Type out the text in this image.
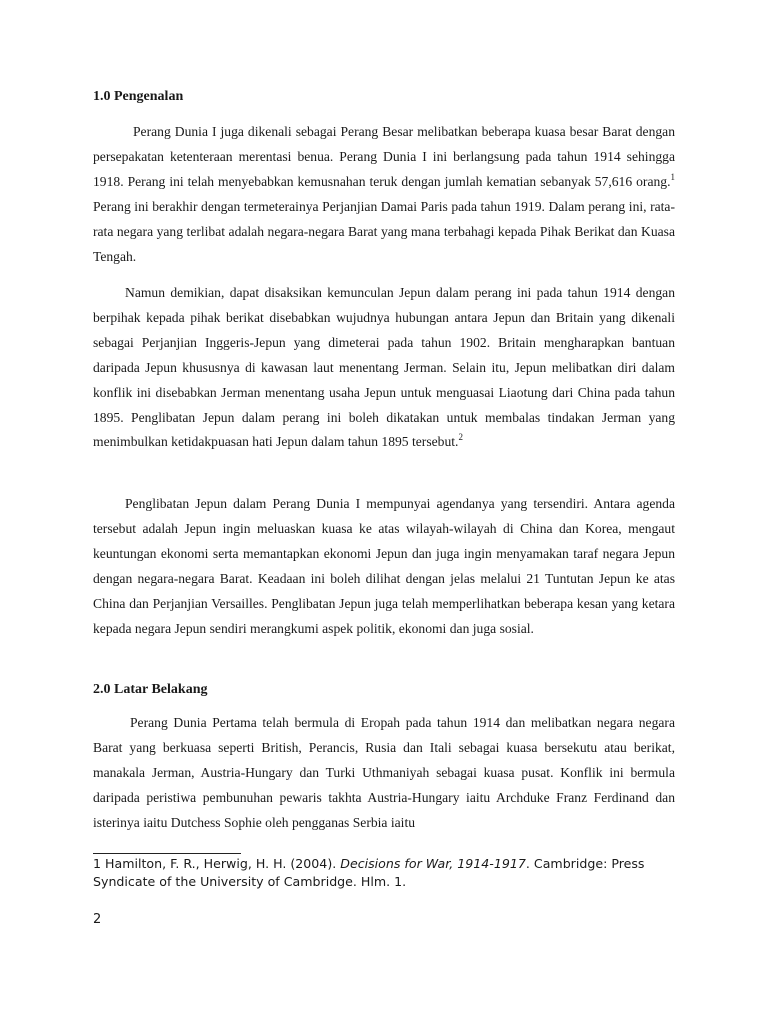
1.0 Pengenalan

Perang Dunia I juga dikenali sebagai Perang Besar melibatkan beberapa kuasa besar Barat dengan persepakatan ketenteraan merentasi benua. Perang Dunia I ini berlangsung pada tahun 1914 sehingga 1918. Perang ini telah menyebabkan kemusnahan teruk dengan jumlah kematian sebanyak 57,616 orang.$^1$ Perang ini berakhir dengan termeterainya Perjanjian Damai Paris pada tahun 1919. Dalam perang ini, rata-rata negara yang terlibat adalah negara-negara Barat yang mana terbahagi kepada Pihak Berikat dan Kuasa Tengah.

Namun demikian, dapat disaksikan kemunculan Jepun dalam perang ini pada tahun 1914 dengan berpihak kepada pihak berikat disebabkan wujudnya hubungan antara Jepun dan Britain yang dikenali sebagai Perjanjian Inggeris-Jepun yang dimeterai pada tahun 1902. Britain mengharapkan bantuan daripada Jepun khususnya di kawasan laut menentang Jerman. Selain itu, Jepun melibatkan diri dalam konflik ini disebabkan Jerman menentang usaha Jepun untuk menguasai Liaotung dari China pada tahun 1895. Penglibatan Jepun dalam perang ini boleh dikatakan untuk membalas tindakan Jerman yang menimbulkan ketidakpuasan hati Jepun dalam tahun 1895 tersebut.$^2$

Penglibatan Jepun dalam Perang Dunia I mempunyai agendanya yang tersendiri. Antara agenda tersebut adalah Jepun ingin meluaskan kuasa ke atas wilayah-wilayah di China dan Korea, mengaut keuntungan ekonomi serta memantapkan ekonomi Jepun dan juga ingin menyamakan taraf negara Jepun dengan negara-negara Barat. Keadaan ini boleh dilihat dengan jelas melalui 21 Tuntutan Jepun ke atas China dan Perjanjian Versailles. Penglibatan Jepun juga telah memperlihatkan beberapa kesan yang ketara kepada negara Jepun sendiri merangkumi aspek politik, ekonomi dan juga sosial.

2.0 Latar Belakang

Perang Dunia Pertama telah bermula di Eropah pada tahun 1914 dan melibatkan negara negara Barat yang berkuasa seperti British, Perancis, Rusia dan Itali sebagai kuasa bersekutu atau berikat, manakala Jerman, Austria-Hungary dan Turki Uthmaniyah sebagai kuasa pusat. Konflik ini bermula daripada peristiwa pembunuhan pewaris takhta Austria-Hungary iaitu Archduke Franz Ferdinand dan isterinya iaitu Dutchess Sophie oleh pengganas Serbia iaitu

1 Hamilton, F. R., Herwig, H. H. (2004). Decisions for War, 1914-1917. Cambridge: Press Syndicate of the University of Cambridge. Hlm. 1.

2
